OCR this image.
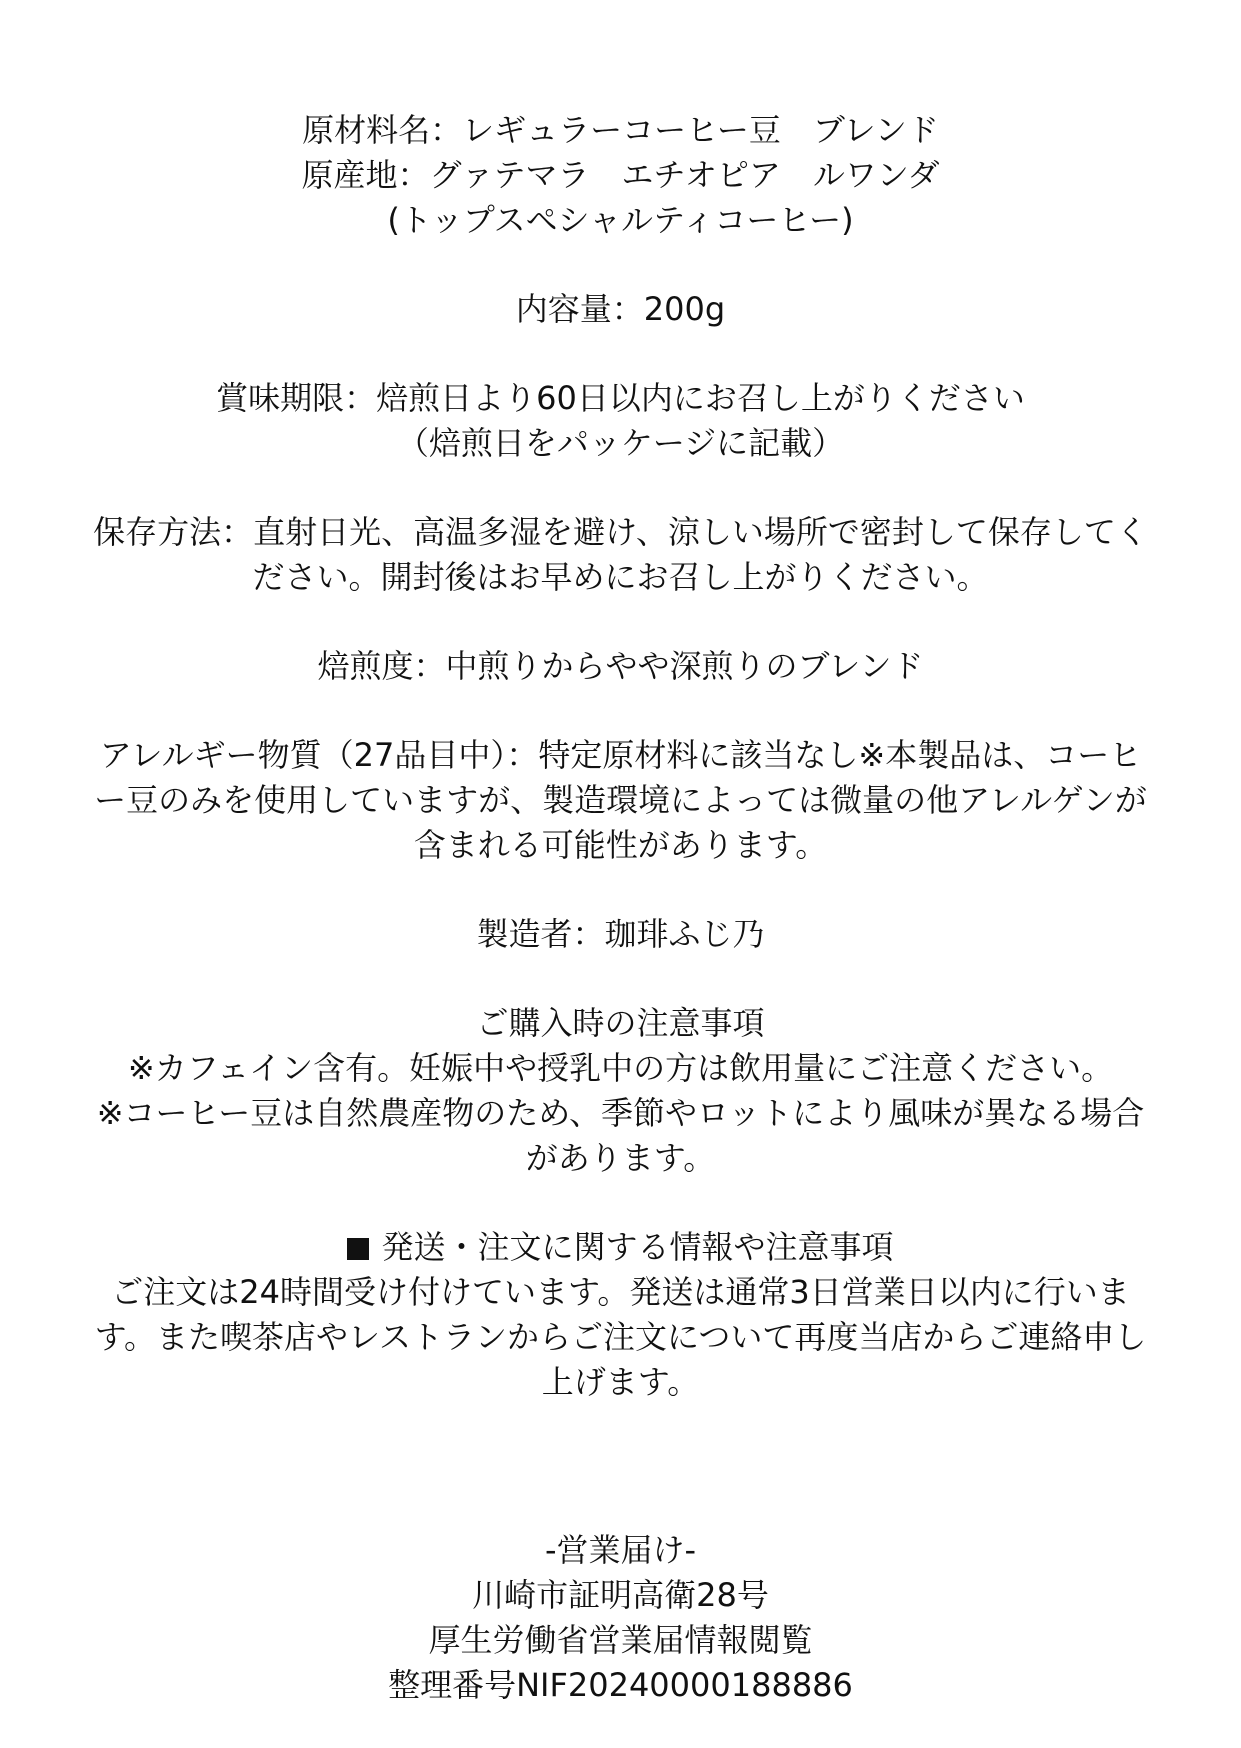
原材料名：レギュラーコーヒー豆　ブレンド
原産地：グァテマラ　エチオピア　ルワンダ
(トップスペシャルティコーヒー)
内容量：200g
賞味期限：焙煎日より60日以内にお召し上がりください
（焙煎日をパッケージに記載）
保存方法：直射日光、高温多湿を避け、涼しい場所で密封して保存してく
ださい。開封後はお早めにお召し上がりください。
焙煎度：中煎りからやや深煎りのブレンド
アレルギー物質（27品目中）：特定原材料に該当なし※本製品は、コーヒ
ー豆のみを使用していますが、製造環境によっては微量の他アレルゲンが
含まれる可能性があります。
製造者：珈琲ふじ乃
ご購入時の注意事項
※カフェイン含有。妊娠中や授乳中の方は飲用量にご注意ください。
※コーヒー豆は自然農産物のため、季節やロットにより風味が異なる場合
があります。
発送・注文に関する情報や注意事項
ご注文は24時間受け付けています。発送は通常3日営業日以内に行いま
す。また喫茶店やレストランからご注文について再度当店からご連絡申し
上げます。
-営業届け-
川崎市証明高衛28号
厚生労働省営業届情報閲覧
整理番号NIF20240000188886
